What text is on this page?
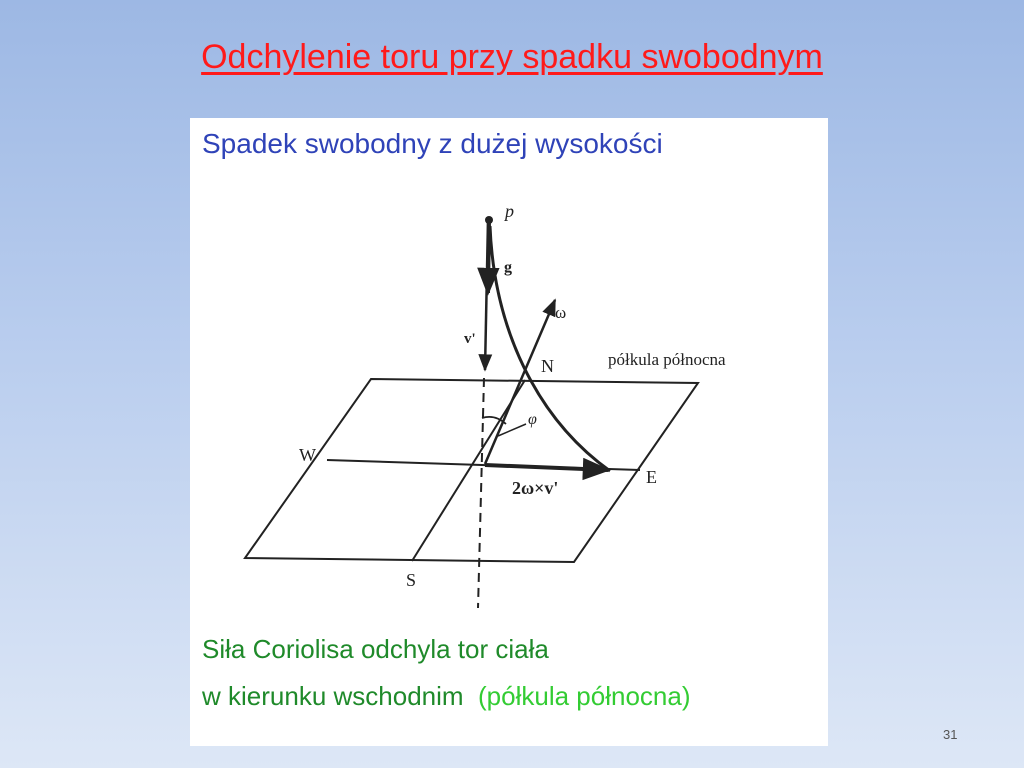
Odchylenie toru przy spadku swobodnym
Spadek swobodny z dużej wysokości
p
g
v'
ω
N	półkula północna
φ
W
E
S
2ω×v'
Siła Coriolisa odchyla tor ciała
w kierunku wschodnim (półkula północna)
31
